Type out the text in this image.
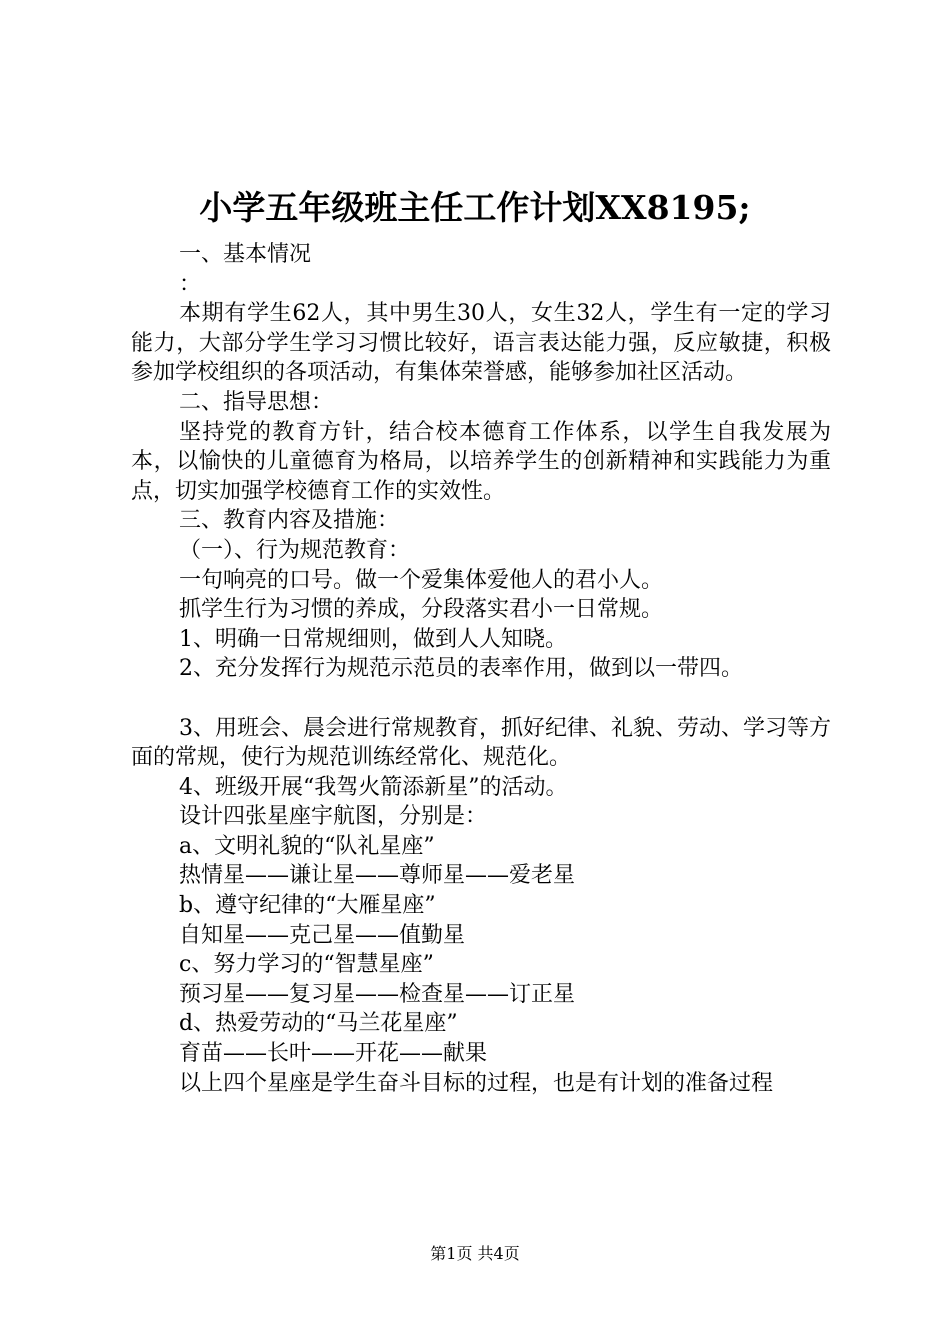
小学五年级班主任工作计划XX8195;
一、基本情况
：
本期有学生62人，其中男生30人，女生32人，学生有一定的学习能力，大部分学生学习习惯比较好，语言表达能力强，反应敏捷，积极参加学校组织的各项活动，有集体荣誉感，能够参加社区活动。
二、指导思想：
坚持党的教育方针，结合校本德育工作体系，以学生自我发展为本，以愉快的儿童德育为格局，以培养学生的创新精神和实践能力为重点，切实加强学校德育工作的实效性。
三、教育内容及措施：
（一）、行为规范教育：
一句响亮的口号。做一个爱集体爱他人的君小人。
抓学生行为习惯的养成，分段落实君小一日常规。
1、明确一日常规细则，做到人人知晓。
2、充分发挥行为规范示范员的表率作用，做到以一带四。
3、用班会、晨会进行常规教育，抓好纪律、礼貌、劳动、学习等方面的常规，使行为规范训练经常化、规范化。
4、班级开展“我驾火箭添新星”的活动。
设计四张星座宇航图，分别是：
a、文明礼貌的“队礼星座”
热情星——谦让星——尊师星——爱老星
b、遵守纪律的“大雁星座”
自知星——克己星——值勤星
c、努力学习的“智慧星座”
预习星——复习星——检查星——订正星
d、热爱劳动的“马兰花星座”
育苗——长叶——开花——献果
以上四个星座是学生奋斗目标的过程，也是有计划的准备过程
第1页 共4页
